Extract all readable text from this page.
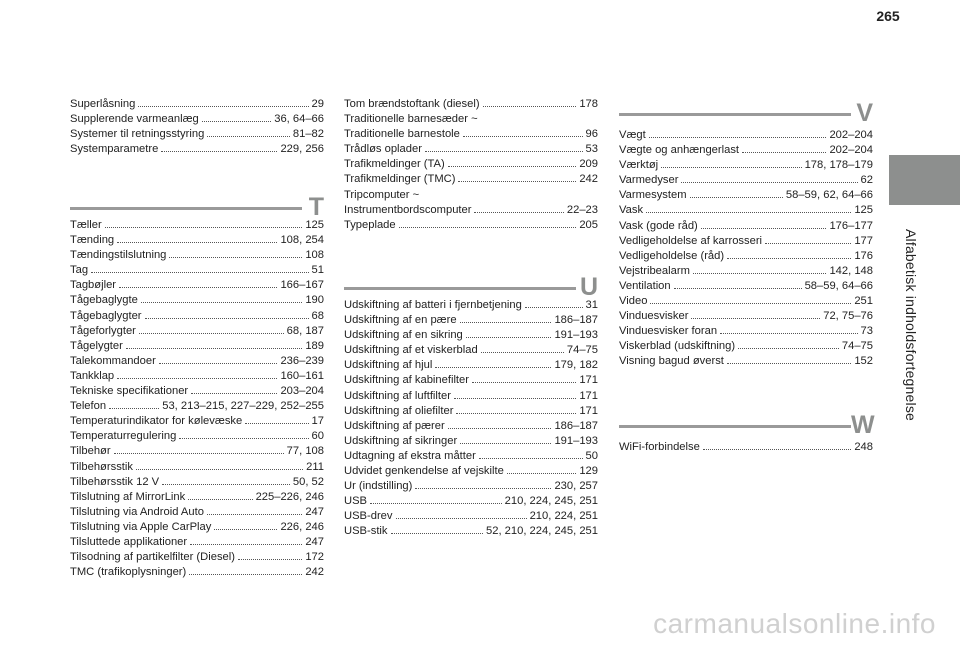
265
Alfabetisk indholdsfortegnelse
Superlåsning	29
Supplerende varmeanlæg	36, 64–66
Systemer til retningsstyring	81–82
Systemparametre	229, 256
T
Tæller	125
Tænding	108, 254
Tændingstilslutning	108
Tag	51
Tagbøjler	166–167
Tågebaglygte	190
Tågebaglygter	68
Tågeforlygter	68, 187
Tågelygter	189
Talekommandoer	236–239
Tankklap	160–161
Tekniske specifikationer	203–204
Telefon	53, 213–215, 227–229, 252–255
Temperaturindikator for kølevæske	17
Temperaturregulering	60
Tilbehør	77, 108
Tilbehørsstik	211
Tilbehørsstik 12 V	50, 52
Tilslutning af MirrorLink	225–226, 246
Tilslutning via Android Auto	247
Tilslutning via Apple CarPlay	226, 246
Tilsluttede applikationer	247
Tilsodning af partikelfilter (Diesel)	172
TMC (trafikoplysninger)	242
Tom brændstoftank (diesel)	178
Traditionelle barnesæder ~
Traditionelle barnestole	96
Trådløs oplader	53
Trafikmeldinger (TA)	209
Trafikmeldinger (TMC)	242
Tripcomputer ~
Instrumentbordscomputer	22–23
Typeplade	205
U
Udskiftning af batteri i fjernbetjening	31
Udskiftning af en pære	186–187
Udskiftning af en sikring	191–193
Udskiftning af et viskerblad	74–75
Udskiftning af hjul	179, 182
Udskiftning af kabinefilter	171
Udskiftning af luftfilter	171
Udskiftning af oliefilter	171
Udskiftning af pærer	186–187
Udskiftning af sikringer	191–193
Udtagning af ekstra måtter	50
Udvidet genkendelse af vejskilte	129
Ur (indstilling)	230, 257
USB	210, 224, 245, 251
USB-drev	210, 224, 251
USB-stik	52, 210, 224, 245, 251
V
Vægt	202–204
Vægte og anhængerlast	202–204
Værktøj	178, 178–179
Varmedyser	62
Varmesystem	58–59, 62, 64–66
Vask	125
Vask (gode råd)	176–177
Vedligeholdelse af karrosseri	177
Vedligeholdelse (råd)	176
Vejstribealarm	142, 148
Ventilation	58–59, 64–66
Video	251
Vinduesvisker	72, 75–76
Vinduesvisker foran	73
Viskerblad (udskiftning)	74–75
Visning bagud øverst	152
W
WiFi-forbindelse	248
carmanualsonline.info
